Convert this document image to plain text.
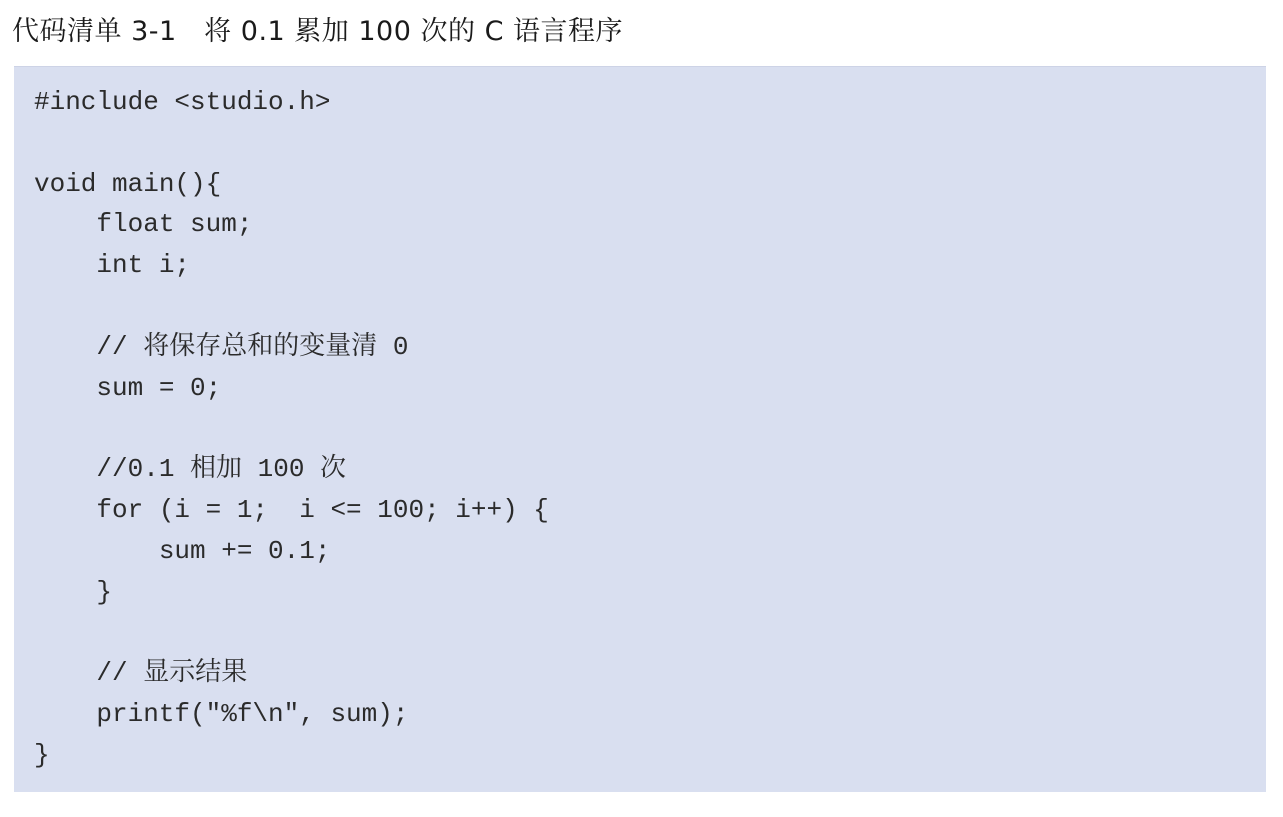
代码清单 3-1　将 0.1 累加 100 次的 C 语言程序
#include <studio.h>
void main(){
float sum;
int i;
// 将保存总和的变量清 0
sum = 0;
//0.1 相加 100 次
for (i = 1;  i <= 100; i++) {
sum += 0.1;
}
// 显示结果
printf("%f\n", sum);
}
